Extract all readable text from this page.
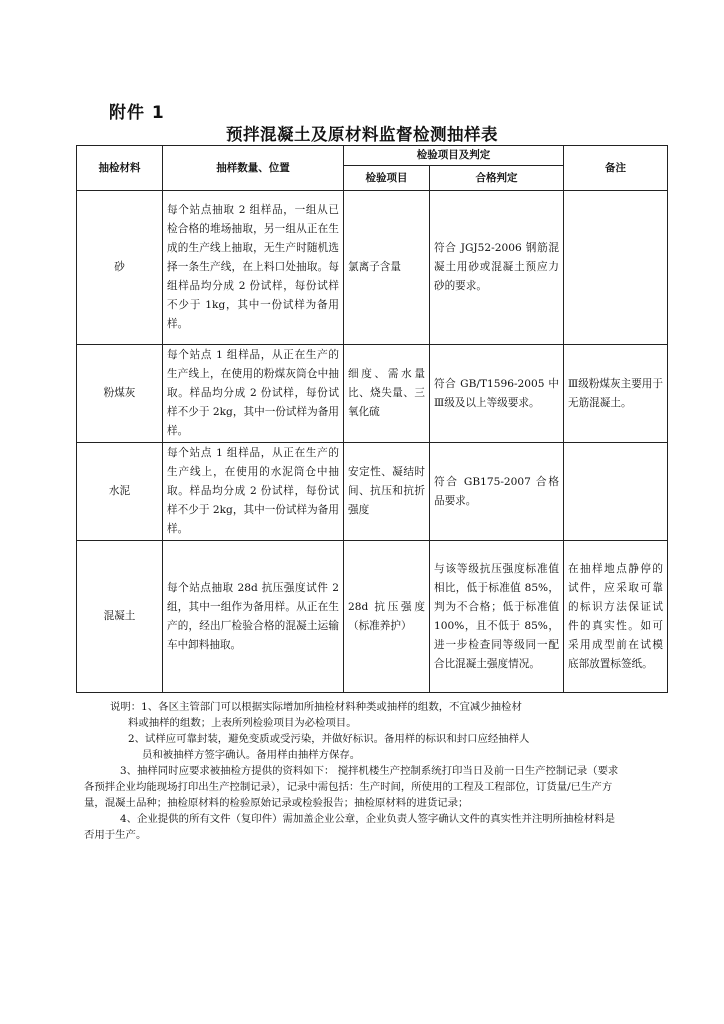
附件 1
预拌混凝土及原材料监督检测抽样表
抽检材料	抽样数量、位置	检验项目及判定		备注
		检验项目	合格判定	
砂	每个站点抽取 2 组样品，一组从已检合格的堆场抽取，另一组从正在生成的生产线上抽取，无生产时随机选择一条生产线，在上料口处抽取。每组样品均分成 2 份试样，每份试样不少于 1kg，其中一份试样为备用样。	氯离子含量	符合 JGJ52-2006 钢筋混凝土用砂或混凝土预应力砂的要求。	
粉煤灰	每个站点 1 组样品，从正在生产的生产线上，在使用的粉煤灰筒仓中抽取。样品均分成 2 份试样，每份试样不少于 2kg，其中一份试样为备用样。	细度、需水量比、烧失量、三氧化硫	符合 GB/T1596-2005 中Ⅲ级及以上等级要求。	Ⅲ级粉煤灰主要用于无筋混凝土。
水泥	每个站点 1 组样品，从正在生产的生产线上，在使用的水泥筒仓中抽取。样品均分成 2 份试样，每份试样不少于 2kg，其中一份试样为备用样。	安定性、凝结时间、抗压和抗折强度	符合 GB175-2007 合格品要求。	
混凝土	每个站点抽取 28d 抗压强度试件 2 组，其中一组作为备用样。从正在生产的，经出厂检验合格的混凝土运输车中卸料抽取。	28d 抗压强度（标准养护）	与该等级抗压强度标准值相比，低于标准值 85%，判为不合格；低于标准值 100%，且不低于 85%，进一步检查同等级同一配合比混凝土强度情况。	在抽样地点静停的试件，应采取可靠的标识方法保证试件的真实性。如可采用成型前在试模底部放置标签纸。

说明：1、各区主管部门可以根据实际增加所抽检材料种类或抽样的组数，不宜减少抽检材

料或抽样的组数；上表所列检验项目为必检项目。

2、试样应可靠封装，避免变质或受污染，并做好标识。备用样的标识和封口应经抽样人

员和被抽样方签字确认。备用样由抽样方保存。

3、抽样同时应要求被抽检方提供的资料如下： 搅拌机楼生产控制系统打印当日及前一日生产控制记录（要求各预拌企业均能现场打印出生产控制记录），记录中需包括：生产时间，所使用的工程及工程部位，订货量/已生产方量，混凝土品种；抽检原材料的检验原始记录或检验报告；抽检原材料的进货记录；

4、企业提供的所有文件（复印件）需加盖企业公章，企业负责人签字确认文件的真实性并注明所抽检材料是否用于生产。
